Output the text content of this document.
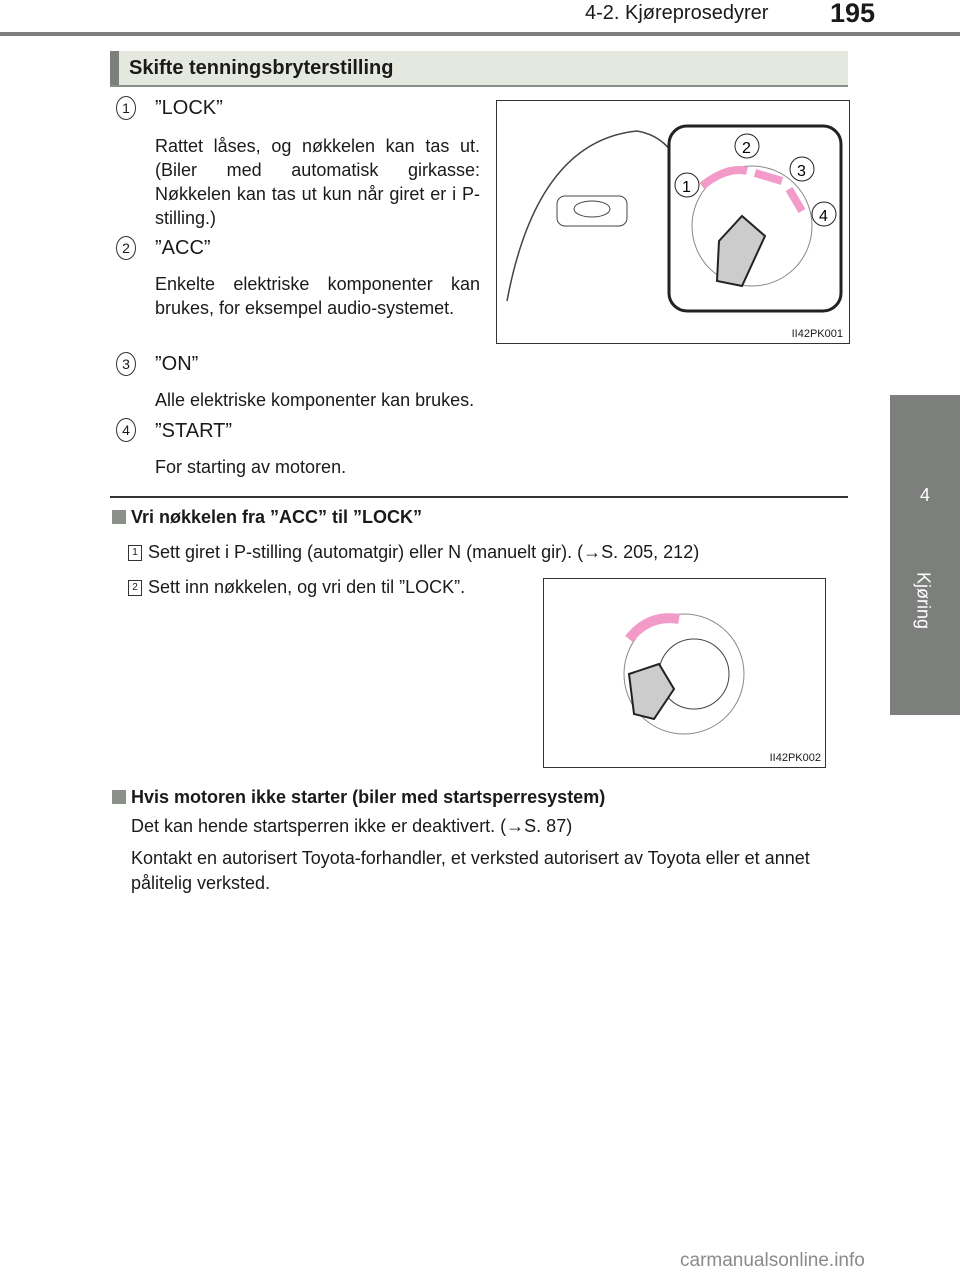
4-2. Kjøreprosedyrer 195
4
Kjøring
Skifte tenningsbryterstilling
1	”LOCK”
Rattet låses, og nøkkelen kan tas ut. (Biler med automatisk girkasse: Nøkkelen kan tas ut kun når giret er i P-stilling.)
2	”ACC”
Enkelte elektriske komponenter kan brukes, for eksempel audio-systemet.
3	”ON”
Alle elektriske komponenter kan brukes.
4	”START”
For starting av motoren.
1
2
3
4
II42PK001
Vri nøkkelen fra ”ACC” til ”LOCK”
1 Sett giret i P-stilling (automatgir) eller N (manuelt gir). (→S. 205, 212)
2 Sett inn nøkkelen, og vri den til ”LOCK”.
II42PK002
Hvis motoren ikke starter (biler med startsperresystem)
Det kan hende startsperren ikke er deaktivert. (→S. 87)
Kontakt en autorisert Toyota-forhandler, et verksted autorisert av Toyota eller et annet pålitelig verksted.
carmanualsonline.info
